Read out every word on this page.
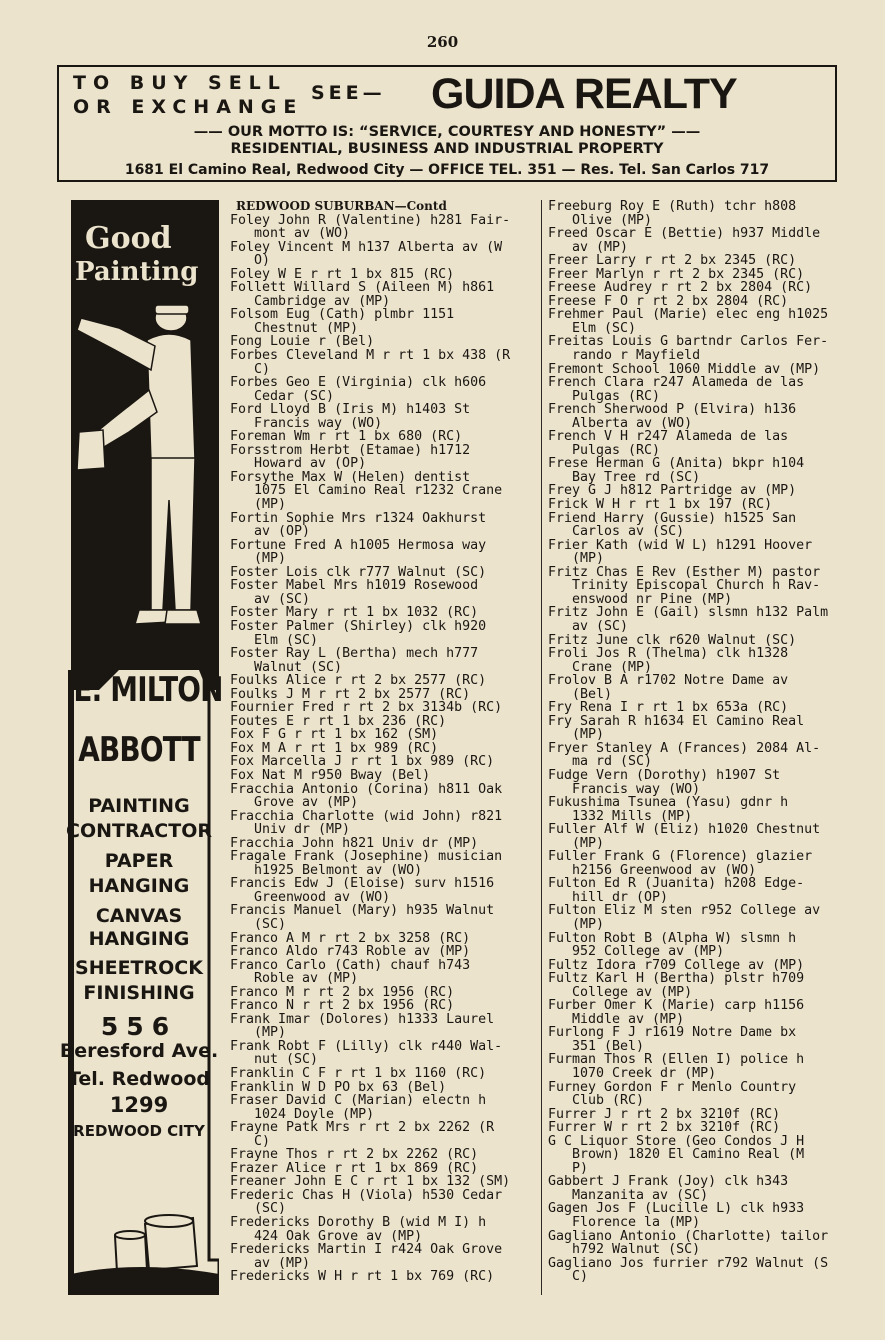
260
TO BUY SELL
OR EXCHANGE
SEE— GUIDA REALTY
—— OUR MOTTO IS: “SERVICE, COURTESY AND HONESTY” ——
RESIDENTIAL, BUSINESS AND INDUSTRIAL PROPERTY
1681 El Camino Real, Redwood City — OFFICE TEL. 351 — Res. Tel. San Carlos 717
Good
Painting
E. MILTON
ABBOTT
PAINTING
CONTRACTOR
PAPER
HANGING
CANVAS
HANGING
SHEETROCK
FINISHING
556
Beresford Ave.
Tel. Redwood
1299
REDWOOD CITY
REDWOOD SUBURBAN—Contd

Foley John R (Valentine) h281 Fair-
mont av (WO)

Foley Vincent M h137 Alberta av (W
O)

Foley W E r rt 1 bx 815 (RC)

Follett Willard S (Aileen M) h861
Cambridge av (MP)

Folsom Eug (Cath) plmbr 1151
Chestnut (MP)

Fong Louie r (Bel)

Forbes Cleveland M r rt 1 bx 438 (R
C)

Forbes Geo E (Virginia) clk h606
Cedar (SC)

Ford Lloyd B (Iris M) h1403 St
Francis way (WO)

Foreman Wm r rt 1 bx 680 (RC)

Forsstrom Herbt (Etamae) h1712
Howard av (OP)

Forsythe Max W (Helen) dentist
1075 El Camino Real r1232 Crane
(MP)

Fortin Sophie Mrs r1324 Oakhurst
av (OP)

Fortune Fred A h1005 Hermosa way
(MP)

Foster Lois clk r777 Walnut (SC)

Foster Mabel Mrs h1019 Rosewood
av (SC)

Foster Mary r rt 1 bx 1032 (RC)

Foster Palmer (Shirley) clk h920
Elm (SC)

Foster Ray L (Bertha) mech h777
Walnut (SC)

Foulks Alice r rt 2 bx 2577 (RC)

Foulks J M r rt 2 bx 2577 (RC)

Fournier Fred r rt 2 bx 3134b (RC)

Foutes E r rt 1 bx 236 (RC)

Fox F G r rt 1 bx 162 (SM)

Fox M A r rt 1 bx 989 (RC)

Fox Marcella J r rt 1 bx 989 (RC)

Fox Nat M r950 Bway (Bel)

Fracchia Antonio (Corina) h811 Oak
Grove av (MP)

Fracchia Charlotte (wid John) r821
Univ dr (MP)

Fracchia John h821 Univ dr (MP)

Fragale Frank (Josephine) musician
h1925 Belmont av (WO)

Francis Edw J (Eloise) surv h1516
Greenwood av (WO)

Francis Manuel (Mary) h935 Walnut
(SC)

Franco A M r rt 2 bx 3258 (RC)

Franco Aldo r743 Roble av (MP)

Franco Carlo (Cath) chauf h743
Roble av (MP)

Franco M r rt 2 bx 1956 (RC)

Franco N r rt 2 bx 1956 (RC)

Frank Imar (Dolores) h1333 Laurel
(MP)

Frank Robt F (Lilly) clk r440 Wal-
nut (SC)

Franklin C F r rt 1 bx 1160 (RC)

Franklin W D PO bx 63 (Bel)

Fraser David C (Marian) electn h
1024 Doyle (MP)

Frayne Patk Mrs r rt 2 bx 2262 (R
C)

Frayne Thos r rt 2 bx 2262 (RC)

Frazer Alice r rt 1 bx 869 (RC)

Freaner John E C r rt 1 bx 132 (SM)

Frederic Chas H (Viola) h530 Cedar
(SC)

Fredericks Dorothy B (wid M I) h
424 Oak Grove av (MP)

Fredericks Martin I r424 Oak Grove
av (MP)

Fredericks W H r rt 1 bx 769 (RC)

Freeburg Roy E (Ruth) tchr h808
Olive (MP)

Freed Oscar E (Bettie) h937 Middle
av (MP)

Freer Larry r rt 2 bx 2345 (RC)

Freer Marlyn r rt 2 bx 2345 (RC)

Freese Audrey r rt 2 bx 2804 (RC)

Freese F O r rt 2 bx 2804 (RC)

Frehmer Paul (Marie) elec eng h1025
Elm (SC)

Freitas Louis G bartndr Carlos Fer-
rando r Mayfield

Fremont School 1060 Middle av (MP)

French Clara r247 Alameda de las
Pulgas (RC)

French Sherwood P (Elvira) h136
Alberta av (WO)

French V H r247 Alameda de las
Pulgas (RC)

Frese Herman G (Anita) bkpr h104
Bay Tree rd (SC)

Frey G J h812 Partridge av (MP)

Frick W H r rt 1 bx 197 (RC)

Friend Harry (Gussie) h1525 San
Carlos av (SC)

Frier Kath (wid W L) h1291 Hoover
(MP)

Fritz Chas E Rev (Esther M) pastor
Trinity Episcopal Church h Rav-
enswood nr Pine (MP)

Fritz John E (Gail) slsmn h132 Palm
av (SC)

Fritz June clk r620 Walnut (SC)

Froli Jos R (Thelma) clk h1328
Crane (MP)

Frolov B A r1702 Notre Dame av
(Bel)

Fry Rena I r rt 1 bx 653a (RC)

Fry Sarah R h1634 El Camino Real
(MP)

Fryer Stanley A (Frances) 2084 Al-
ma rd (SC)

Fudge Vern (Dorothy) h1907 St
Francis way (WO)

Fukushima Tsunea (Yasu) gdnr h
1332 Mills (MP)

Fuller Alf W (Eliz) h1020 Chestnut
(MP)

Fuller Frank G (Florence) glazier
h2156 Greenwood av (WO)

Fulton Ed R (Juanita) h208 Edge-
hill dr (OP)

Fulton Eliz M sten r952 College av
(MP)

Fulton Robt B (Alpha W) slsmn h
952 College av (MP)

Fultz Idora r709 College av (MP)

Fultz Karl H (Bertha) plstr h709
College av (MP)

Furber Omer K (Marie) carp h1156
Middle av (MP)

Furlong F J r1619 Notre Dame bx
351 (Bel)

Furman Thos R (Ellen I) police h
1070 Creek dr (MP)

Furney Gordon F r Menlo Country
Club (RC)

Furrer J r rt 2 bx 3210f (RC)

Furrer W r rt 2 bx 3210f (RC)

G C Liquor Store (Geo Condos J H
Brown) 1820 El Camino Real (M
P)

Gabbert J Frank (Joy) clk h343
Manzanita av (SC)

Gagen Jos F (Lucille L) clk h933
Florence la (MP)

Gagliano Antonio (Charlotte) tailor
h792 Walnut (SC)

Gagliano Jos furrier r792 Walnut (S
C)
